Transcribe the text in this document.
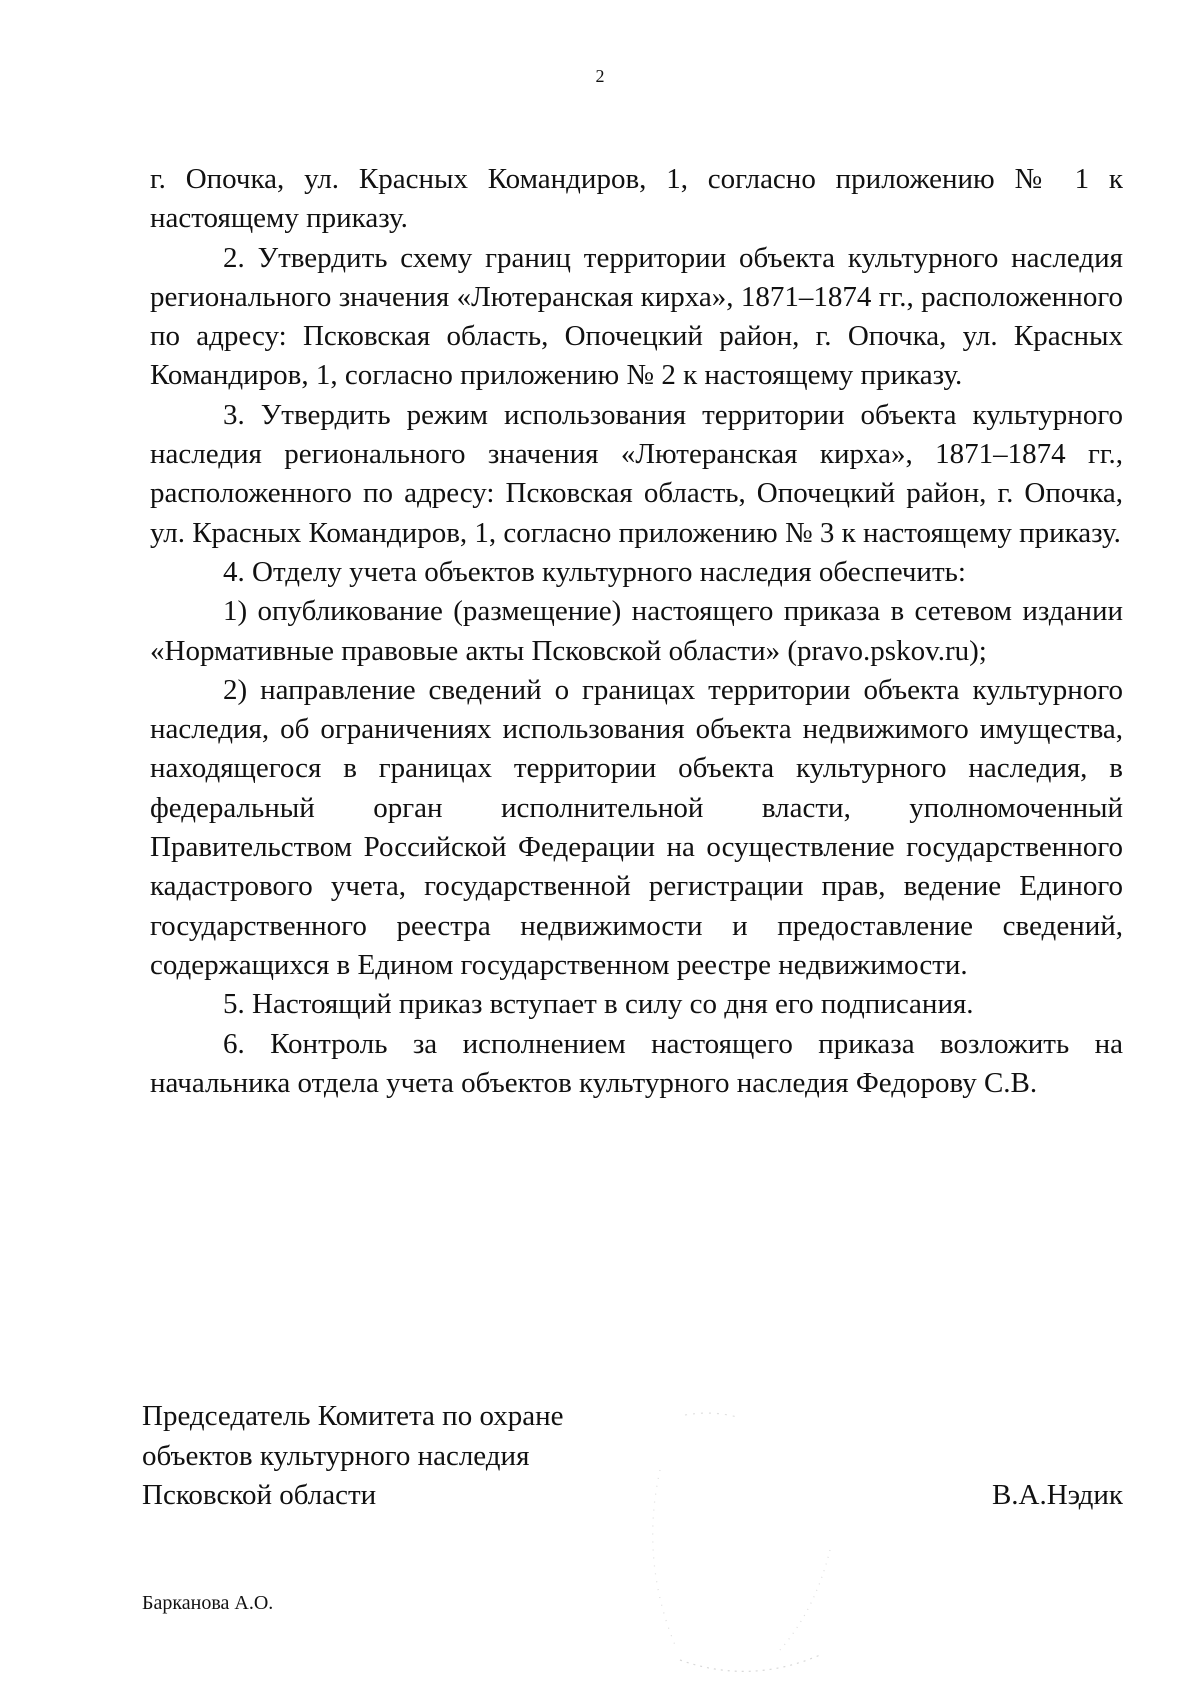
2

г. Опочка, ул. Красных Командиров, 1, согласно приложению № 1 к настоящему приказу.

2. Утвердить схему границ территории объекта культурного наследия регионального значения «Лютеранская кирха», 1871–1874 гг., расположенного по адресу: Псковская область, Опочецкий район, г. Опочка, ул. Красных Командиров, 1, согласно приложению № 2 к настоящему приказу.

3. Утвердить режим использования территории объекта культурного наследия регионального значения «Лютеранская кирха», 1871–1874 гг., расположенного по адресу: Псковская область, Опочецкий район, г. Опочка, ул. Красных Командиров, 1, согласно приложению № 3 к настоящему приказу.

4. Отделу учета объектов культурного наследия обеспечить:

1) опубликование (размещение) настоящего приказа в сетевом издании «Нормативные правовые акты Псковской области» (pravo.pskov.ru);

2) направление сведений о границах территории объекта культурного наследия, об ограничениях использования объекта недвижимого имущества, находящегося в границах территории объекта культурного наследия, в федеральный орган исполнительной власти, уполномоченный Правительством Российской Федерации на осуществление государственного кадастрового учета, государственной регистрации прав, ведение Единого государственного реестра недвижимости и предоставление сведений, содержащихся в Едином государственном реестре недвижимости.

5. Настоящий приказ вступает в силу со дня его подписания.

6. Контроль за исполнением настоящего приказа возложить на начальника отдела учета объектов культурного наследия Федорову С.В.

Председатель Комитета по охране
объектов культурного наследия
Псковской области	В.А.Нэдик
Барканова А.О.
